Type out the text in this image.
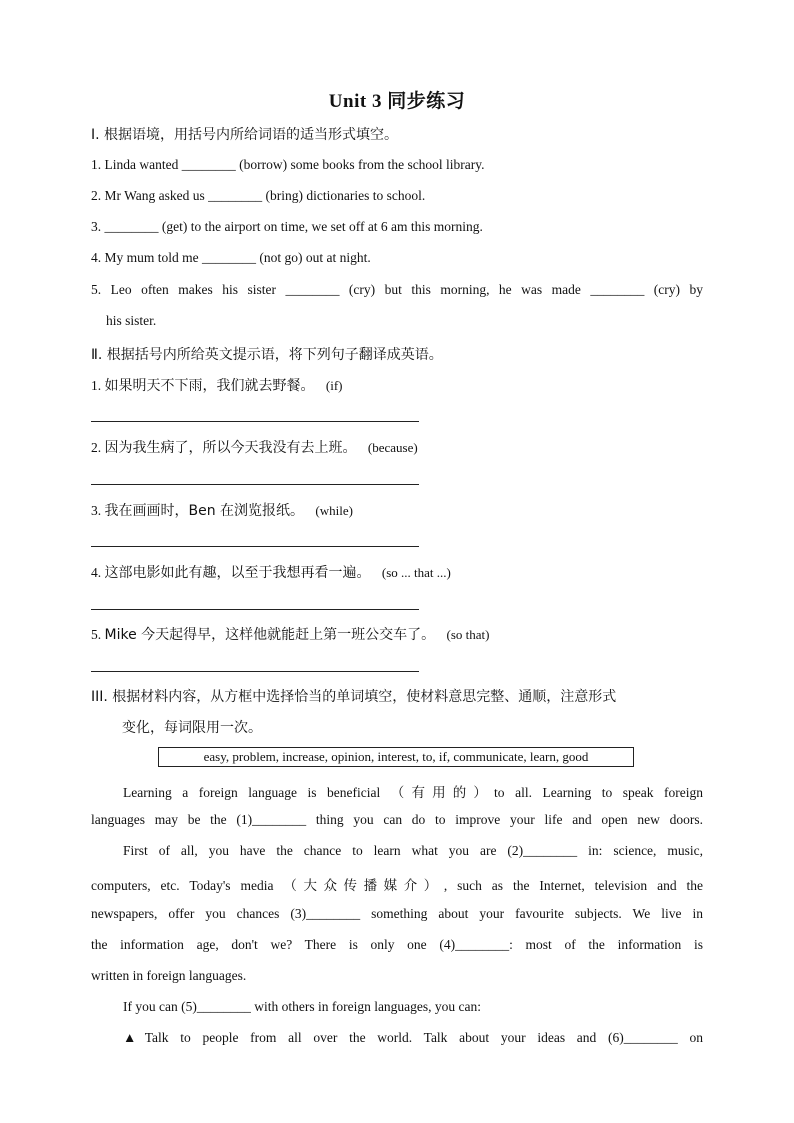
Unit 3 同步练习
Ⅰ. 根据语境，用括号内所给词语的适当形式填空。
1. Linda wanted ________ (borrow) some books from the school library.
2. Mr Wang asked us ________ (bring) dictionaries to school.
3. ________ (get) to the airport on time, we set off at 6 am this morning.
4. My mum told me ________ (not go) out at night.
5. Leo often makes his sister ________ (cry) but this morning, he was made ________ (cry) by
his sister.
Ⅱ. 根据括号内所给英文提示语，将下列句子翻译成英语。
1. 如果明天不下雨，我们就去野餐。 (if)
2. 因为我生病了，所以今天我没有去上班。 (because)
3. 我在画画时，Ben 在浏览报纸。 (while)
4. 这部电影如此有趣，以至于我想再看一遍。 (so ... that ...)
5. Mike 今天起得早，这样他就能赶上第一班公交车了。 (so that)
III. 根据材料内容，从方框中选择恰当的单词填空，使材料意思完整、通顺，注意形式
变化，每词限用一次。
easy, problem, increase, opinion, interest, to, if, communicate, learn, good
Learning a foreign language is beneficial （有用的）to all. Learning to speak foreign
languages may be the (1)________ thing you can do to improve your life and open new doors.
First of all, you have the chance to learn what you are (2)________ in: science, music,
computers, etc. Today's media （大众传播媒介）, such as the Internet, television and the
newspapers, offer you chances (3)________ something about your favourite subjects. We live in
the information age, don't we? There is only one (4)________: most of the information is
written in foreign languages.
If you can (5)________ with others in foreign languages, you can:
▲Talk to people from all over the world. Talk about your ideas and (6)________ on
